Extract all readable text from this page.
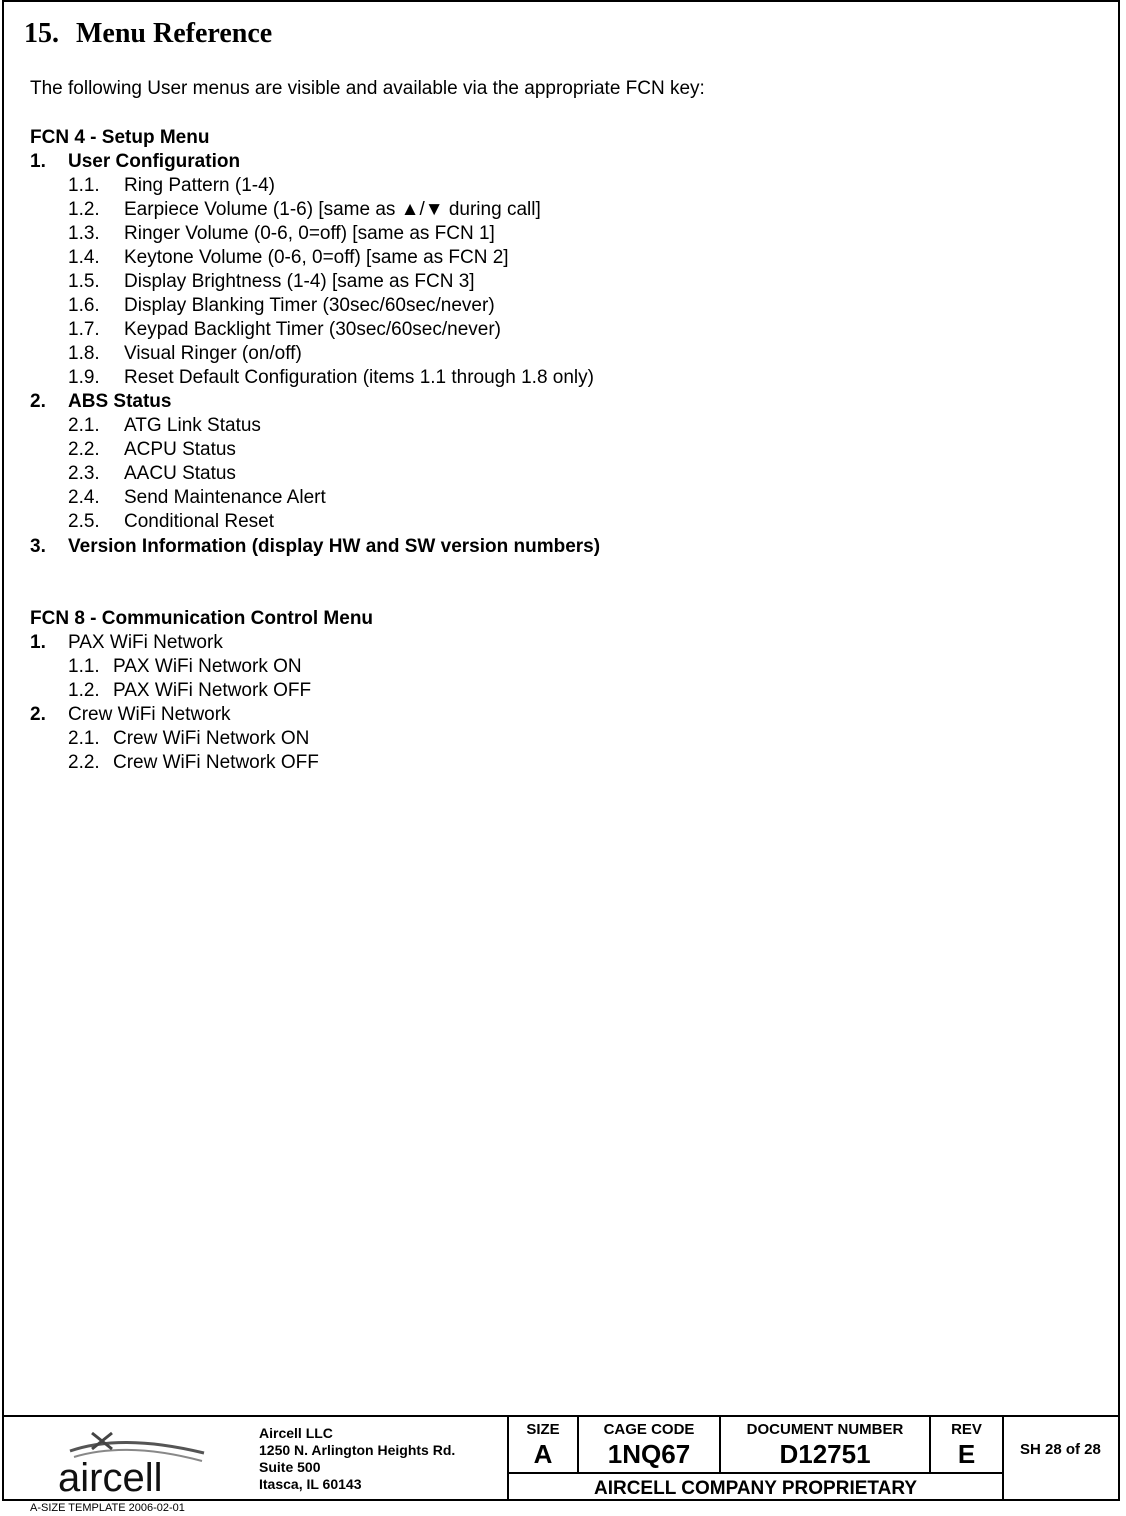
15. Menu Reference
The following User menus are visible and available via the appropriate FCN key:
FCN 4 - Setup Menu
1. User Configuration
1.1. Ring Pattern (1-4)
1.2. Earpiece Volume (1-6) [same as ▲/▼ during call]
1.3. Ringer Volume (0-6, 0=off) [same as FCN 1]
1.4. Keytone Volume (0-6, 0=off) [same as FCN 2]
1.5. Display Brightness (1-4) [same as FCN 3]
1.6. Display Blanking Timer (30sec/60sec/never)
1.7. Keypad Backlight Timer (30sec/60sec/never)
1.8. Visual Ringer (on/off)
1.9. Reset Default Configuration (items 1.1 through 1.8 only)
2. ABS Status
2.1. ATG Link Status
2.2. ACPU Status
2.3. AACU Status
2.4. Send Maintenance Alert
2.5. Conditional Reset
3. Version Information (display HW and SW version numbers)
FCN 8 - Communication Control Menu
1. PAX WiFi Network
1.1. PAX WiFi Network ON
1.2. PAX WiFi Network OFF
2. Crew WiFi Network
2.1. Crew WiFi Network ON
2.2. Crew WiFi Network OFF
aircell
Aircell LLC
1250 N. Arlington Heights Rd.
Suite 500
Itasca, IL 60143
SIZE
A
CAGE CODE
1NQ67
DOCUMENT NUMBER
D12751
REV
E	SH 28 of 28
AIRCELL COMPANY PROPRIETARY
A-SIZE TEMPLATE 2006-02-01
